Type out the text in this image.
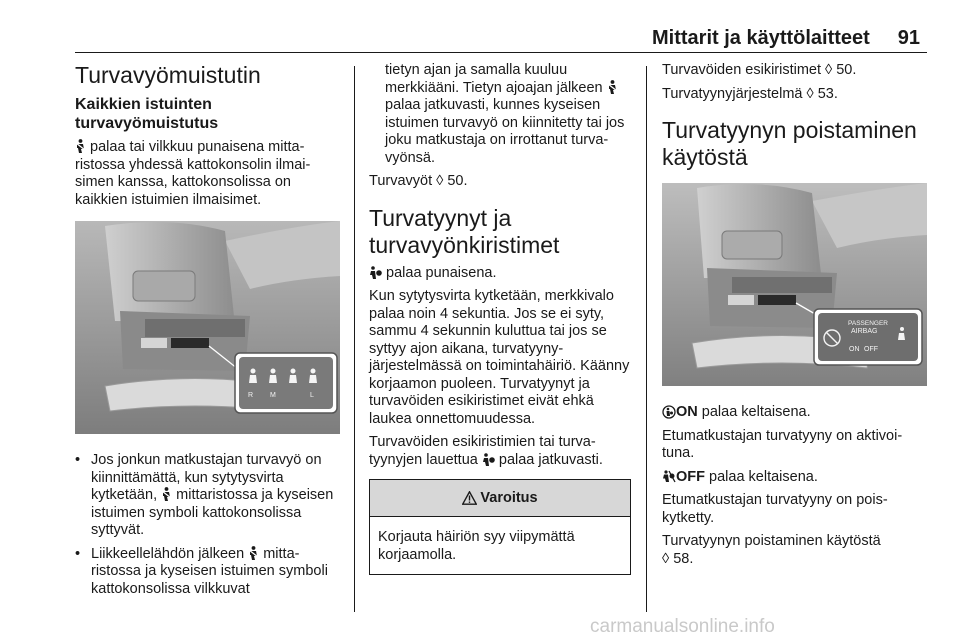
Mittarit ja käyttölaitteet 91
Turvavyömuistutin
Kaikkien istuinten
turvavyömuistutus

palaa tai vilkkuu punaisena mittaristossa yhdessä kattokonsolin ilmaisimen kanssa, kattokonsolissa on kaikkien istuimien ilmaisimet.

R M	L
• Jos jonkun matkustajan turvavyö on kiinnittämättä, kun sytytysvirta kytketään,
mittaristossa ja kyseisen istuimen symboli kattokonsolissa syttyvät.
• Liikkeellelähdön jälkeen
mittaristossa ja kyseisen istuimen symboli kattokonsolissa vilkkuvat

tietyn ajan ja samalla kuuluu merkkiääni. Tietyn ajoajan jälkeen
palaa jatkuvasti, kunnes kyseisen istuimen turvavyö on kiinnitetty tai jos joku matkustaja on irrottanut turvavyönsä.

Turvavyöt ◊ 50.

Turvatyynyt ja turvavyönkiristimet

palaa punaisena.

Kun sytytysvirta kytketään, merkkivalo palaa noin 4 sekuntia. Jos se ei syty, sammu 4 sekunnin kuluttua tai jos se syttyy ajon aikana, turvatyynyjärjestelmässä on toimintahäiriö. Käänny korjaamon puoleen. Turvatyynyt ja turvavöiden esikiristimet eivät ehkä laukea onnettomuudessa.

Turvavöiden esikiristimien tai turvatyynyjen lauettua
palaa jatkuvasti.

Varoitus

Korjauta häiriön syy viipymättä korjaamolla.

Turvavöiden esikiristimet ◊ 50.

Turvatyynyjärjestelmä ◊ 53.

Turvatyynyn poistaminen käytöstä
PASSENGER
AIRBAG
ON OFF

ON palaa keltaisena.

Etumatkustajan turvatyyny on aktivoituna.

OFF palaa keltaisena.

Etumatkustajan turvatyyny on poiskytketty.

Turvatyynyn poistaminen käytöstä
◊ 58.

carmanualsonline.info
